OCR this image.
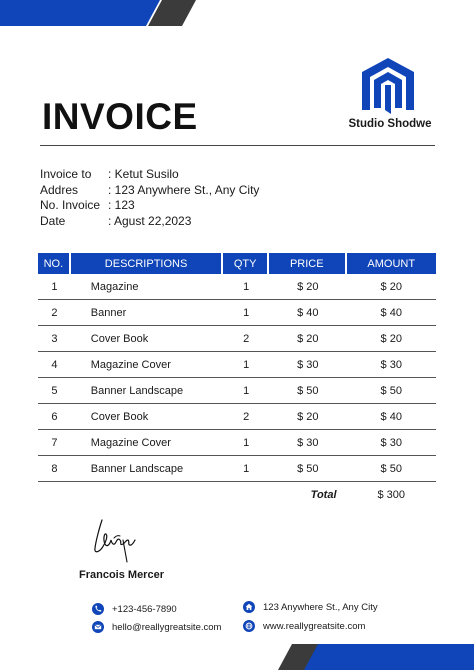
INVOICE	Studio Shodwe
Invoice to	: Ketut Susilo
Addres	: 123 Anywhere St., Any City
No. Invoice : 123
Date	: Agust 22,2023
NO.	DESCRIPTIONS	QTY	PRICE	AMOUNT
1	Magazine	1	$ 20	$ 20
2	Banner	1	$ 40	$ 40
3	Cover Book	2	$ 20	$ 20
4	Magazine Cover	1	$ 30	$ 30
5	Banner Landscape	1	$ 50	$ 50
6	Cover Book	2	$ 20	$ 40
7	Magazine Cover	1	$ 30	$ 30
8	Banner Landscape	1	$ 50	$ 50
			Total	$ 300
Francois Mercer
+123-456-7890
hello@reallygreatsite.com
123 Anywhere St., Any City
www.reallygreatsite.com
